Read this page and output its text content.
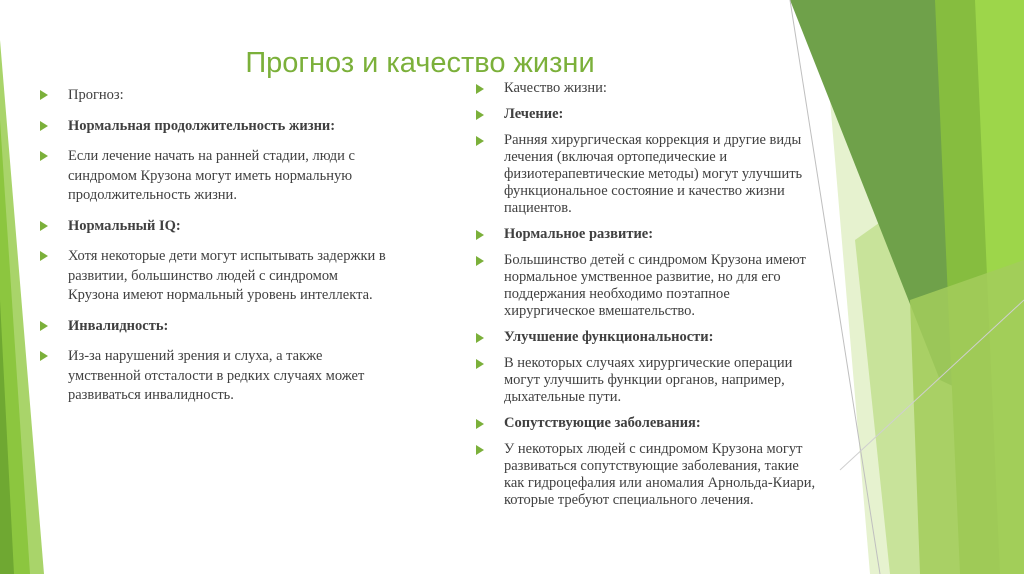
Прогноз и качество жизни
Прогноз:
Нормальная продолжительность жизни:
Если лечение начать на ранней стадии, люди с синдромом Крузона могут иметь нормальную продолжительность жизни.
Нормальный IQ:
Хотя некоторые дети могут испытывать задержки в развитии, большинство людей с синдромом Крузона имеют нормальный уровень интеллекта.
Инвалидность:
Из-за нарушений зрения и слуха, а также умственной отсталости в редких случаях может развиваться инвалидность.
Качество жизни:
Лечение:
Ранняя хирургическая коррекция и другие виды лечения (включая ортопедические и физиотерапевтические методы) могут улучшить функциональное состояние и качество жизни пациентов.
Нормальное развитие:
Большинство детей с синдромом Крузона имеют нормальное умственное развитие, но для его поддержания необходимо поэтапное хирургическое вмешательство.
Улучшение функциональности:
В некоторых случаях хирургические операции могут улучшить функции органов, например, дыхательные пути.
Сопутствующие заболевания:
У некоторых людей с синдромом Крузона могут развиваться сопутствующие заболевания, такие как гидроцефалия или аномалия Арнольда-Киари, которые требуют специального лечения.
